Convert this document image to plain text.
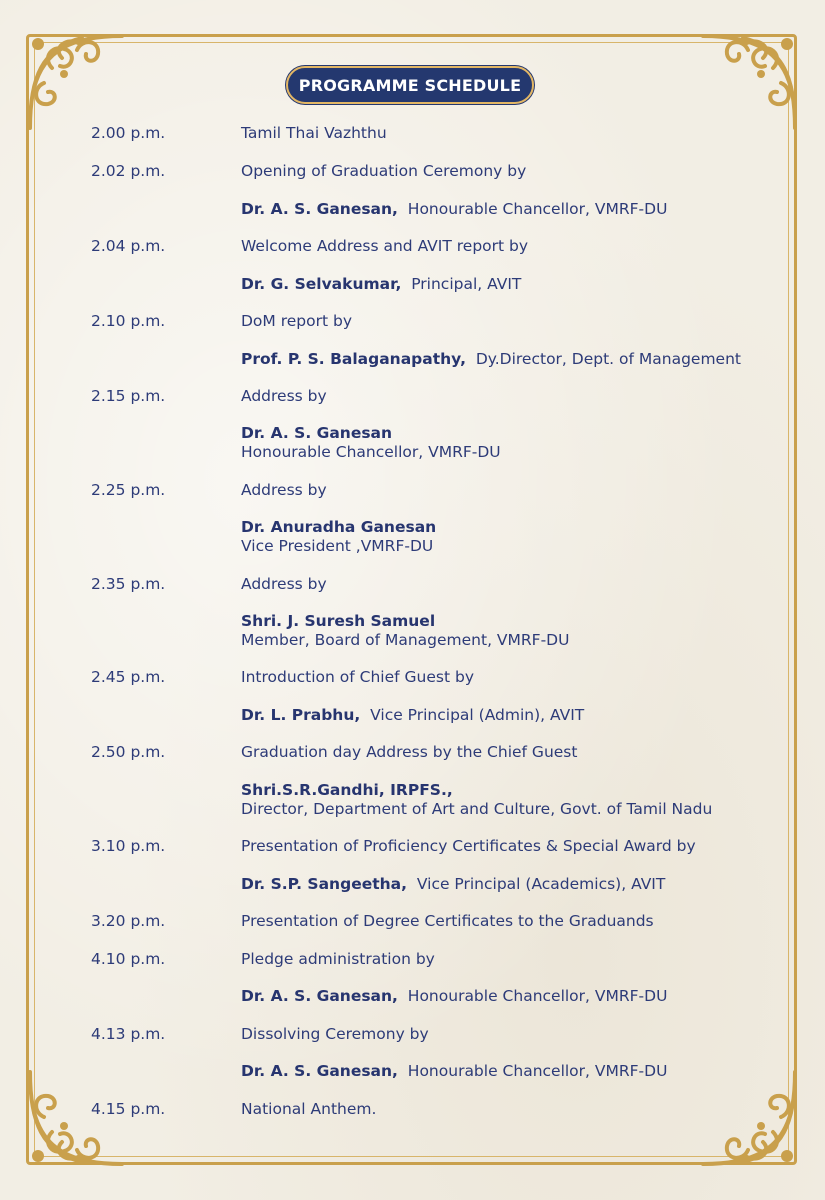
PROGRAMME SCHEDULE
2.00 p.m.	Tamil Thai Vazhthu
2.02 p.m.	Opening of Graduation Ceremony by
Dr. A. S. Ganesan, Honourable Chancellor, VMRF-DU
2.04 p.m.	Welcome Address and AVIT report by
Dr. G. Selvakumar, Principal, AVIT
2.10 p.m.	DoM report by
Prof. P. S. Balaganapathy, Dy.Director, Dept. of Management
2.15 p.m.	Address by
Dr. A. S. Ganesan
Honourable Chancellor, VMRF-DU
2.25 p.m.	Address by
Dr. Anuradha Ganesan
Vice President ,VMRF-DU
2.35 p.m.	Address by
Shri. J. Suresh Samuel
Member, Board of Management, VMRF-DU
2.45 p.m.	Introduction of Chief Guest by
Dr. L. Prabhu, Vice Principal (Admin), AVIT
2.50 p.m.	Graduation day Address by the Chief Guest
Shri.S.R.Gandhi, IRPFS.,
Director, Department of Art and Culture, Govt. of Tamil Nadu
3.10 p.m.	Presentation of Proficiency Certificates & Special Award by
Dr. S.P. Sangeetha, Vice Principal (Academics), AVIT
3.20 p.m.	Presentation of Degree Certificates to the Graduands
4.10 p.m.	Pledge administration by
Dr. A. S. Ganesan, Honourable Chancellor, VMRF-DU
4.13 p.m.	Dissolving Ceremony by
Dr. A. S. Ganesan, Honourable Chancellor, VMRF-DU
4.15 p.m.	National Anthem.
